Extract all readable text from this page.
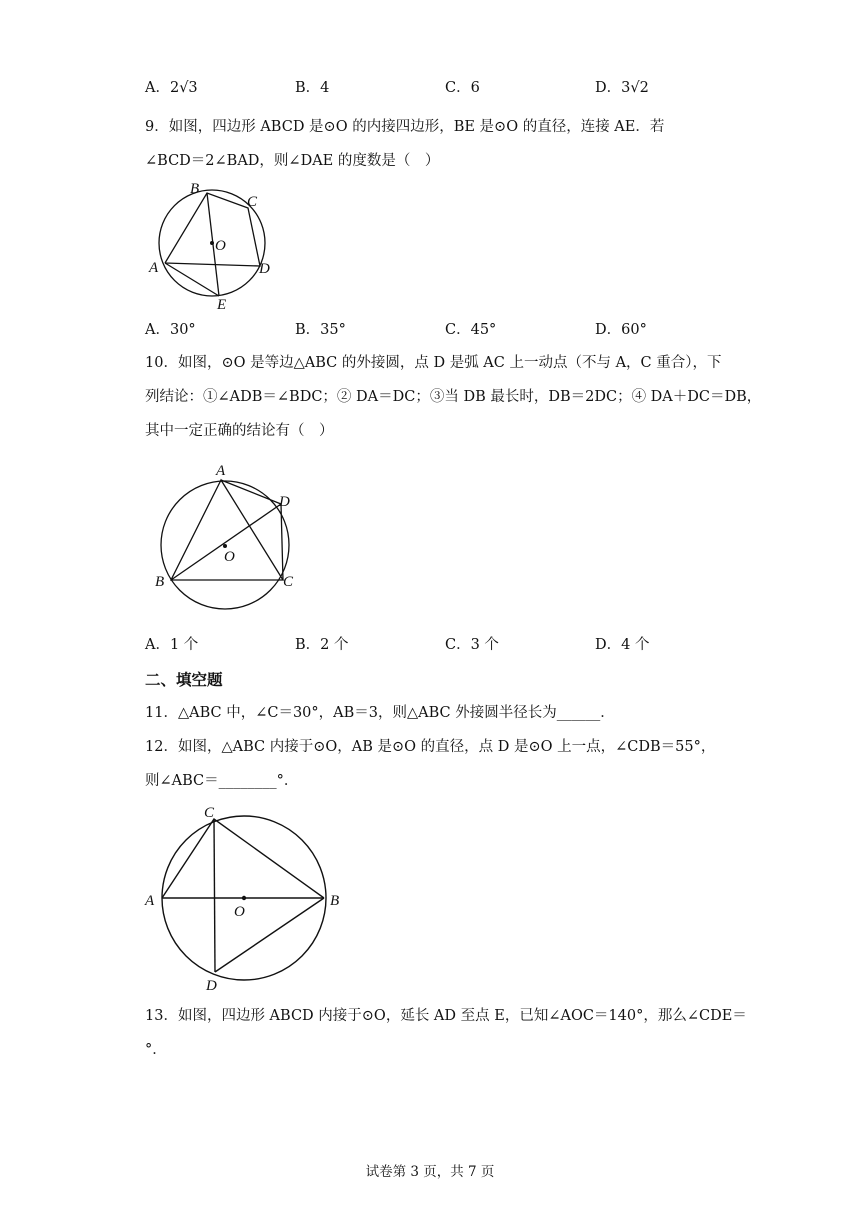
A．2√3	B．4	C．6	D．3√2
9．如图，四边形 ABCD 是⊙O 的内接四边形，BE 是⊙O 的直径，连接 AE．若
∠BCD＝2∠BAD，则∠DAE 的度数是（　）
B
C
O
A	D
E
A．30°	B．35°	C．45°	D．60°
10．如图，⊙O 是等边△ABC 的外接圆，点 D 是弧 AC 上一动点（不与 A，C 重合），下
列结论：①∠ADB＝∠BDC；② DA＝DC；③当 DB 最长时，DB＝2DC；④ DA＋DC＝DB，
其中一定正确的结论有（　）
A
D
O
B	C
A．1 个	B．2 个	C．3 个	D．4 个
二、填空题
11．△ABC 中，∠C＝30°，AB＝3，则△ABC 外接圆半径长为______．
12．如图，△ABC 内接于⊙O，AB 是⊙O 的直径，点 D 是⊙O 上一点，∠CDB＝55°，
则∠ABC＝________°．
C
A
O
B
D
13．如图，四边形 ABCD 内接于⊙O，延长 AD 至点 E，已知∠AOC＝140°，那么∠CDE＝
°．
试卷第 3 页，共 7 页
